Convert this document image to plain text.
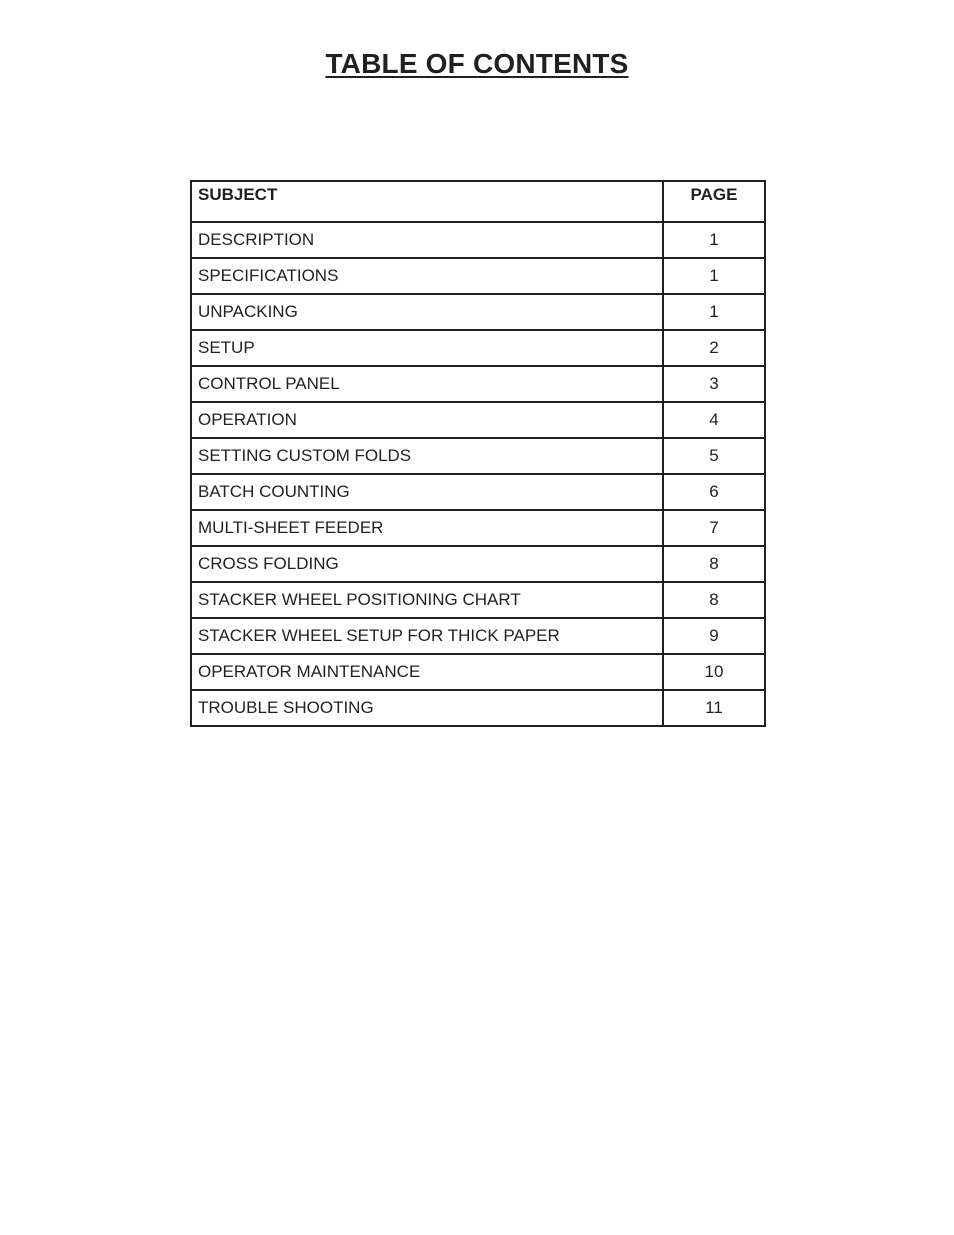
TABLE OF CONTENTS
SUBJECT	PAGE
DESCRIPTION	1
SPECIFICATIONS	1
UNPACKING	1
SETUP	2
CONTROL PANEL	3
OPERATION	4
SETTING CUSTOM FOLDS	5
BATCH COUNTING	6
MULTI-SHEET FEEDER	7
CROSS FOLDING	8
STACKER WHEEL POSITIONING CHART	8
STACKER WHEEL SETUP FOR THICK PAPER	9
OPERATOR MAINTENANCE	10
TROUBLE SHOOTING	11
